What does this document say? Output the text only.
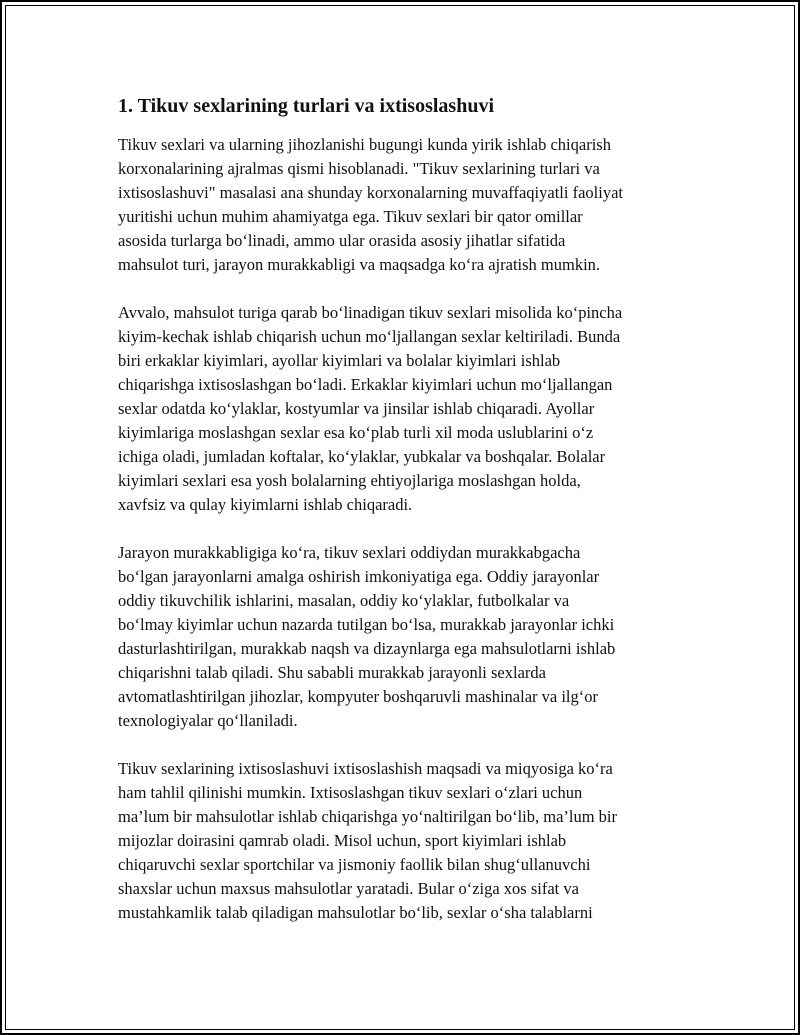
1. Tikuv sexlarining turlari va ixtisoslashuvi

Tikuv sexlari va ularning jihozlanishi bugungi kunda yirik ishlab chiqarish
korxonalarining ajralmas qismi hisoblanadi. "Tikuv sexlarining turlari va
ixtisoslashuvi" masalasi ana shunday korxonalarning muvaffaqiyatli faoliyat
yuritishi uchun muhim ahamiyatga ega. Tikuv sexlari bir qator omillar
asosida turlarga bo‘linadi, ammo ular orasida asosiy jihatlar sifatida
mahsulot turi, jarayon murakkabligi va maqsadga ko‘ra ajratish mumkin.

Avvalo, mahsulot turiga qarab bo‘linadigan tikuv sexlari misolida ko‘pincha
kiyim-kechak ishlab chiqarish uchun mo‘ljallangan sexlar keltiriladi. Bunda
biri erkaklar kiyimlari, ayollar kiyimlari va bolalar kiyimlari ishlab
chiqarishga ixtisoslashgan bo‘ladi. Erkaklar kiyimlari uchun mo‘ljallangan
sexlar odatda ko‘ylaklar, kostyumlar va jinsilar ishlab chiqaradi. Ayollar
kiyimlariga moslashgan sexlar esa ko‘plab turli xil moda uslublarini o‘z
ichiga oladi, jumladan koftalar, ko‘ylaklar, yubkalar va boshqalar. Bolalar
kiyimlari sexlari esa yosh bolalarning ehtiyojlariga moslashgan holda,
xavfsiz va qulay kiyimlarni ishlab chiqaradi.

Jarayon murakkabligiga ko‘ra, tikuv sexlari oddiydan murakkabgacha
bo‘lgan jarayonlarni amalga oshirish imkoniyatiga ega. Oddiy jarayonlar
oddiy tikuvchilik ishlarini, masalan, oddiy ko‘ylaklar, futbolkalar va
bo‘lmay kiyimlar uchun nazarda tutilgan bo‘lsa, murakkab jarayonlar ichki
dasturlashtirilgan, murakkab naqsh va dizaynlarga ega mahsulotlarni ishlab
chiqarishni talab qiladi. Shu sababli murakkab jarayonli sexlarda
avtomatlashtirilgan jihozlar, kompyuter boshqaruvli mashinalar va ilg‘or
texnologiyalar qo‘llaniladi.

Tikuv sexlarining ixtisoslashuvi ixtisoslashish maqsadi va miqyosiga ko‘ra
ham tahlil qilinishi mumkin. Ixtisoslashgan tikuv sexlari o‘zlari uchun
ma’lum bir mahsulotlar ishlab chiqarishga yo‘naltirilgan bo‘lib, ma’lum bir
mijozlar doirasini qamrab oladi. Misol uchun, sport kiyimlari ishlab
chiqaruvchi sexlar sportchilar va jismoniy faollik bilan shug‘ullanuvchi
shaxslar uchun maxsus mahsulotlar yaratadi. Bular o‘ziga xos sifat va
mustahkamlik talab qiladigan mahsulotlar bo‘lib, sexlar o‘sha talablarni
